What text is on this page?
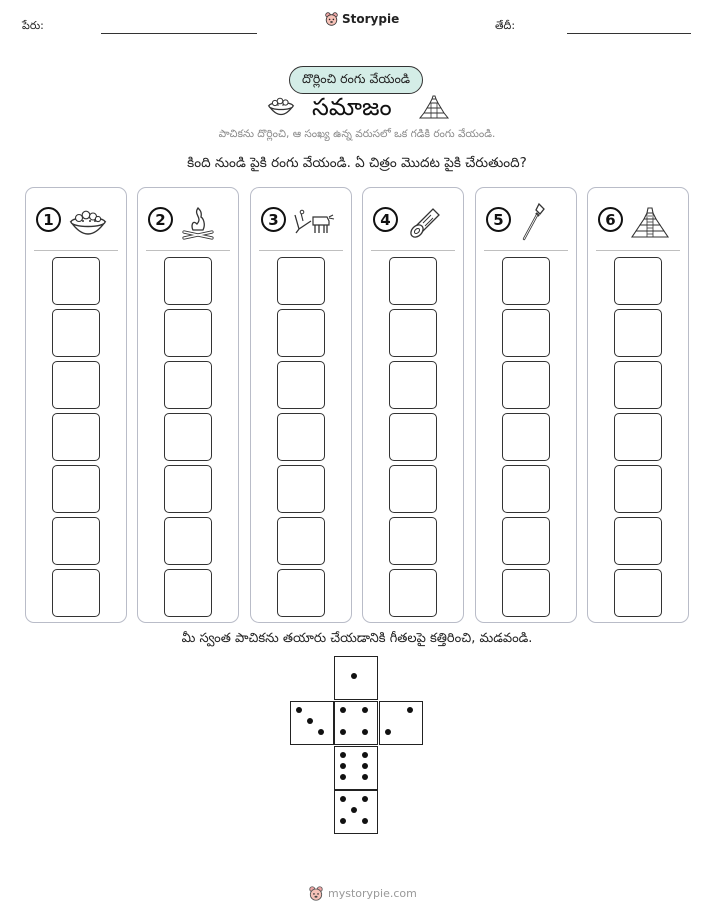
పేరు:	Storypie	తేదీ:
దొర్లించి రంగు వేయండి
సమాజం
పాచికను దొర్లించి, ఆ సంఖ్య ఉన్న వరుసలో ఒక గడికి రంగు వేయండి.
కింది నుండి పైకి రంగు వేయండి. ఏ చిత్రం మొదట పైకి చేరుతుంది?
1	2	3	4	5	6
మీ స్వంత పాచికను తయారు చేయడానికి గీతలపై కత్తిరించి, మడవండి.
mystorypie.com
